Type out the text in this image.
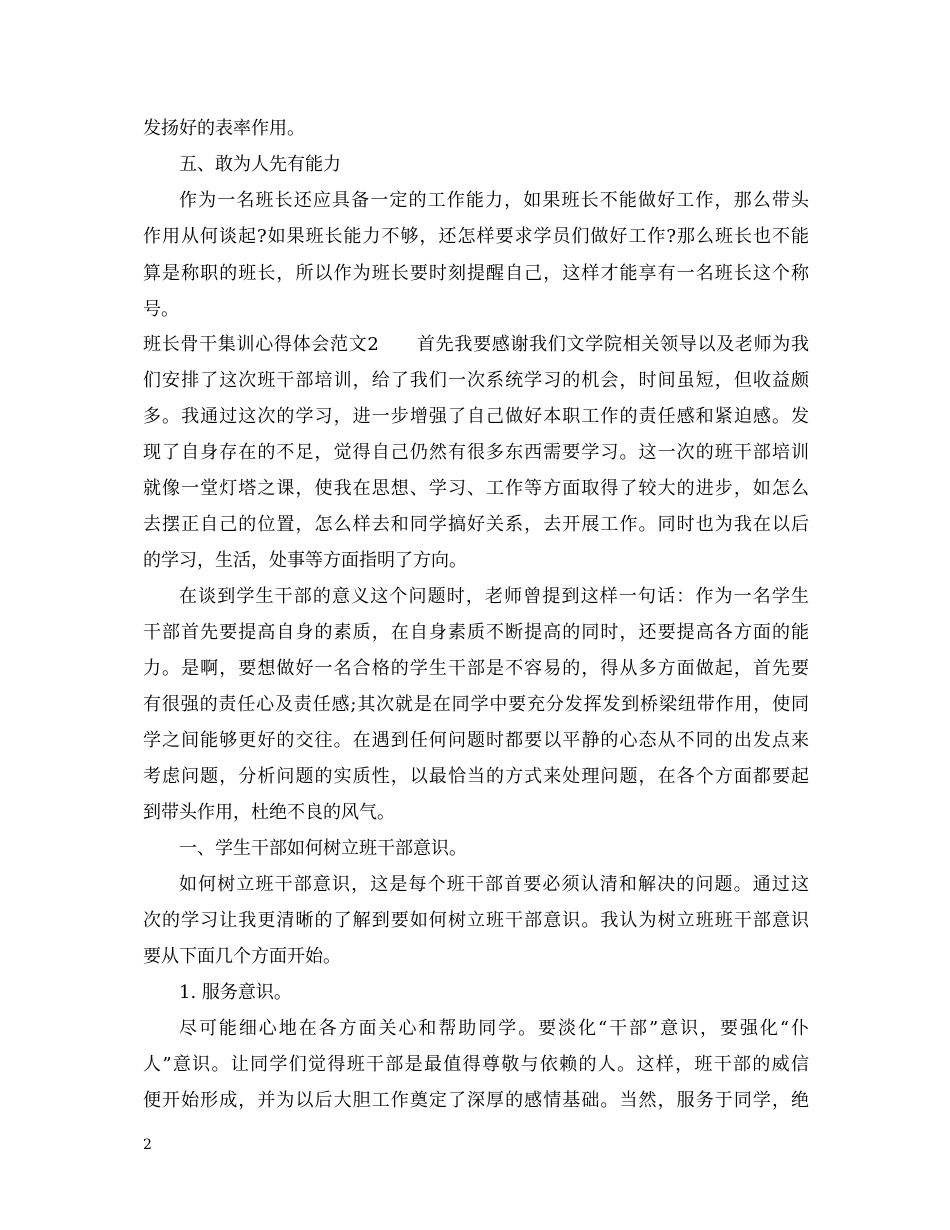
发扬好的表率作用。
五、敢为人先有能力
作为一名班长还应具备一定的工作能力，如果班长不能做好工作，那么带头
作用从何谈起?如果班长能力不够，还怎样要求学员们做好工作?那么班长也不能
算是称职的班长，所以作为班长要时刻提醒自己，这样才能享有一名班长这个称
号。
班长骨干集训心得体会范文2　　首先我要感谢我们文学院相关领导以及老师为我
们安排了这次班干部培训，给了我们一次系统学习的机会，时间虽短，但收益颇
多。我通过这次的学习，进一步增强了自己做好本职工作的责任感和紧迫感。发
现了自身存在的不足，觉得自己仍然有很多东西需要学习。这一次的班干部培训
就像一堂灯塔之课，使我在思想、学习、工作等方面取得了较大的进步，如怎么
去摆正自己的位置，怎么样去和同学搞好关系，去开展工作。同时也为我在以后
的学习，生活，处事等方面指明了方向。
在谈到学生干部的意义这个问题时，老师曾提到这样一句话：作为一名学生
干部首先要提高自身的素质，在自身素质不断提高的同时，还要提高各方面的能
力。是啊，要想做好一名合格的学生干部是不容易的，得从多方面做起，首先要
有很强的责任心及责任感;其次就是在同学中要充分发挥发到桥梁纽带作用，使同
学之间能够更好的交往。在遇到任何问题时都要以平静的心态从不同的出发点来
考虑问题，分析问题的实质性，以最恰当的方式来处理问题，在各个方面都要起
到带头作用，杜绝不良的风气。
一、学生干部如何树立班干部意识。
如何树立班干部意识，这是每个班干部首要必须认清和解决的问题。通过这
次的学习让我更清晰的了解到要如何树立班干部意识。我认为树立班班干部意识
要从下面几个方面开始。
1. 服务意识。
尽可能细心地在各方面关心和帮助同学。要淡化“干部”意识，要强化“仆
人”意识。让同学们觉得班干部是最值得尊敬与依赖的人。这样，班干部的威信
便开始形成，并为以后大胆工作奠定了深厚的感情基础。当然，服务于同学，绝
2
